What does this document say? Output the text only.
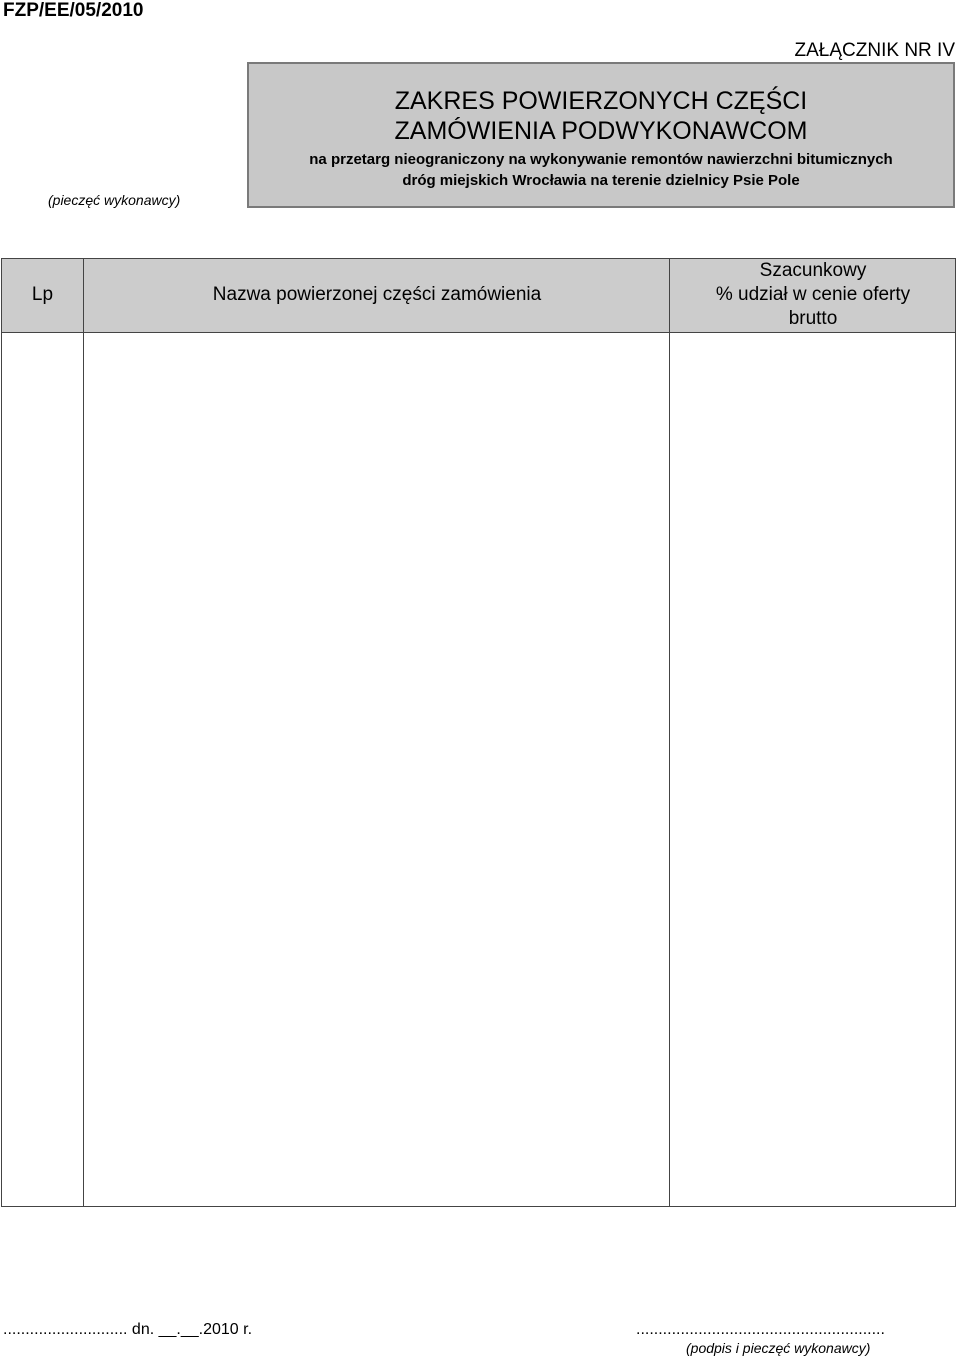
FZP/EE/05/2010
ZAŁĄCZNIK NR IV
(pieczęć wykonawcy)
ZAKRES POWIERZONYCH CZĘŚCI
ZAMÓWIENIA PODWYKONAWCOM
na przetarg nieograniczony na wykonywanie remontów nawierzchni bitumicznych
dróg miejskich Wrocławia na terenie dzielnicy Psie Pole
Lp	Nazwa powierzonej części zamówienia
Szacunkowy
% udział w cenie oferty
brutto
............................ dn. __.__.2010 r.	........................................................
(podpis i pieczęć wykonawcy)
